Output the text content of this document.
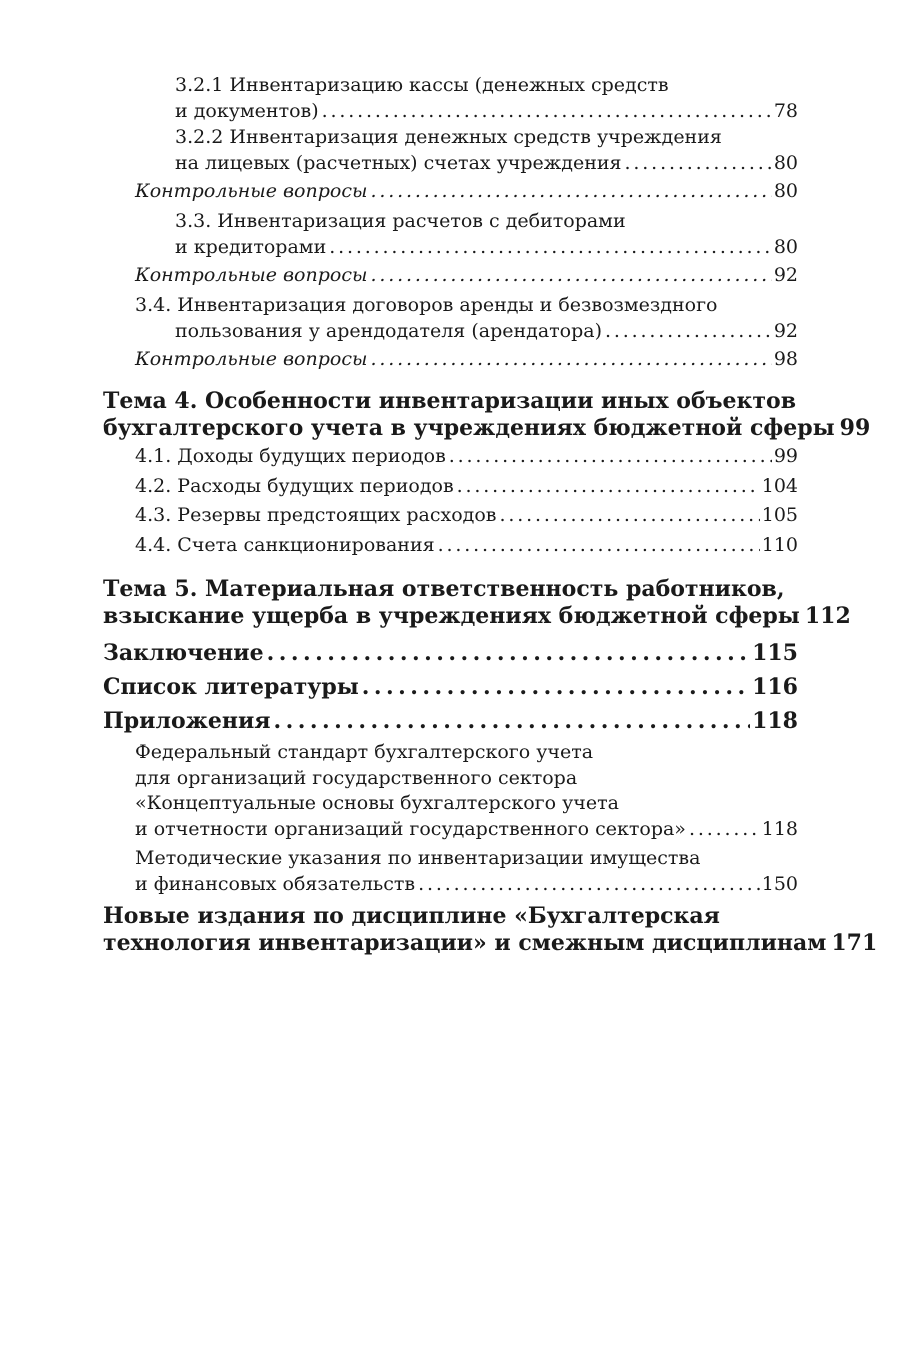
3.2.1 Инвентаризацию кассы (денежных средств
и документов) . . .	78
3.2.2 Инвентаризация денежных средств учреждения
на лицевых (расчетных) счетах учреждения . . .	80
Контрольные вопросы . . .	80
3.3. Инвентаризация расчетов с дебиторами
и кредиторами . . .	80
Контрольные вопросы . . .	92
3.4. Инвентаризация договоров аренды и безвозмездного
пользования у арендодателя (арендатора) . . .	92
Контрольные вопросы . . .	98
Тема 4. Особенности инвентаризации иных объектов
бухгалтерского учета в учреждениях бюджетной сферы 99
4.1. Доходы будущих периодов . . .	99
4.2. Расходы будущих периодов . . .	104
4.3. Резервы предстоящих расходов . . .	105
4.4. Счета санкционирования . . .	110
Тема 5. Материальная ответственность работников,
взыскание ущерба в учреждениях бюджетной сферы 112
Заключение . . .	115
Список литературы . . .	116
Приложения . . .	118
Федеральный стандарт бухгалтерского учета
для организаций государственного сектора
«Концептуальные основы бухгалтерского учета
и отчетности организаций государственного сектора» . . .	118
Методические указания по инвентаризации имущества
и финансовых обязательств . . .	150
Новые издания по дисциплине «Бухгалтерская
технология инвентаризации» и смежным дисциплинам 171
